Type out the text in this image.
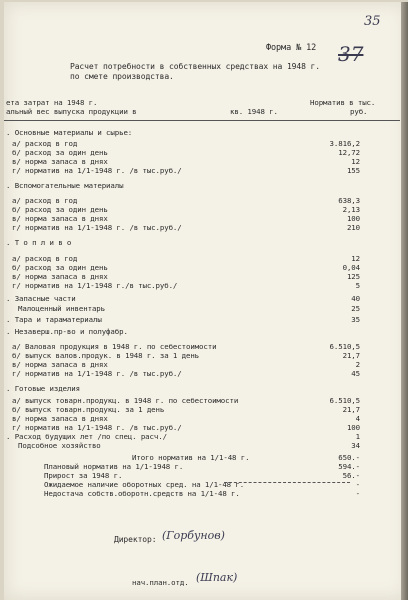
35
37
Форма № 12
Расчет потребности в собственных средствах на 1948 г.
по смете производства.
ета затрат на 1948 г.
альный вес выпуска продукции в	кв. 1948 г.
Норматив в тыс.
руб.
. Основные материалы и сырье:
а/ расход в год	3.816,2
б/ расход за один день	12,72
в/ норма запаса в днях	12
г/ норматив на 1/1-1948 г. /в тыс.руб./	155
. Вспомогательные материалы
а/ расход в год	638,3
б/ расход за один день	2,13
в/ норма запаса в днях	100
г/ норматив на 1/1-1948 г. /в тыс.руб./	210
. Т о п л и в о
а/ расход в год	12
б/ расход за один день	0,04
в/ норма запаса в днях	125
г/ норматив на 1/1-1948 г./в тыс.руб./	5
. Запасные части	40
Малоценный инвентарь	25
. Тара и тараматериалы	35
. Незаверш.пр-во и полуфабр.
а/ Валовая продукция в 1948 г. по себестоимости	6.510,5
б/ выпуск валов.продук. в 1948 г. за 1 день	21,7
в/ норма запаса в днях	2
г/ норматив на 1/1-1948 г. /в тыс.руб./	45
. Готовые изделия
а/ выпуск товарн.продукц. в 1948 г. по себестоимости	6.510,5
б/ выпуск товарн.продукц. за 1 день	21,7
в/ норма запаса в днях	4
г/ норматив на 1/1-1948 г. /в тыс.руб./	100
. Расход будущих лет /по спец. расч./	1
Подсобное хозяйство	34
Итого норматив на 1/1-48 г.	650.-
Плановый норматив на 1/1-1948 г.	594.-
Прирост за 1948 г.	56.-
Ожидаемое наличие оборотных сред. на 1/1-48 г.	-
Недостача собств.оборотн.средств на 1/1-48 г.	-
Директор: (Горбунов)
нач.план.отд. (Шпак)
